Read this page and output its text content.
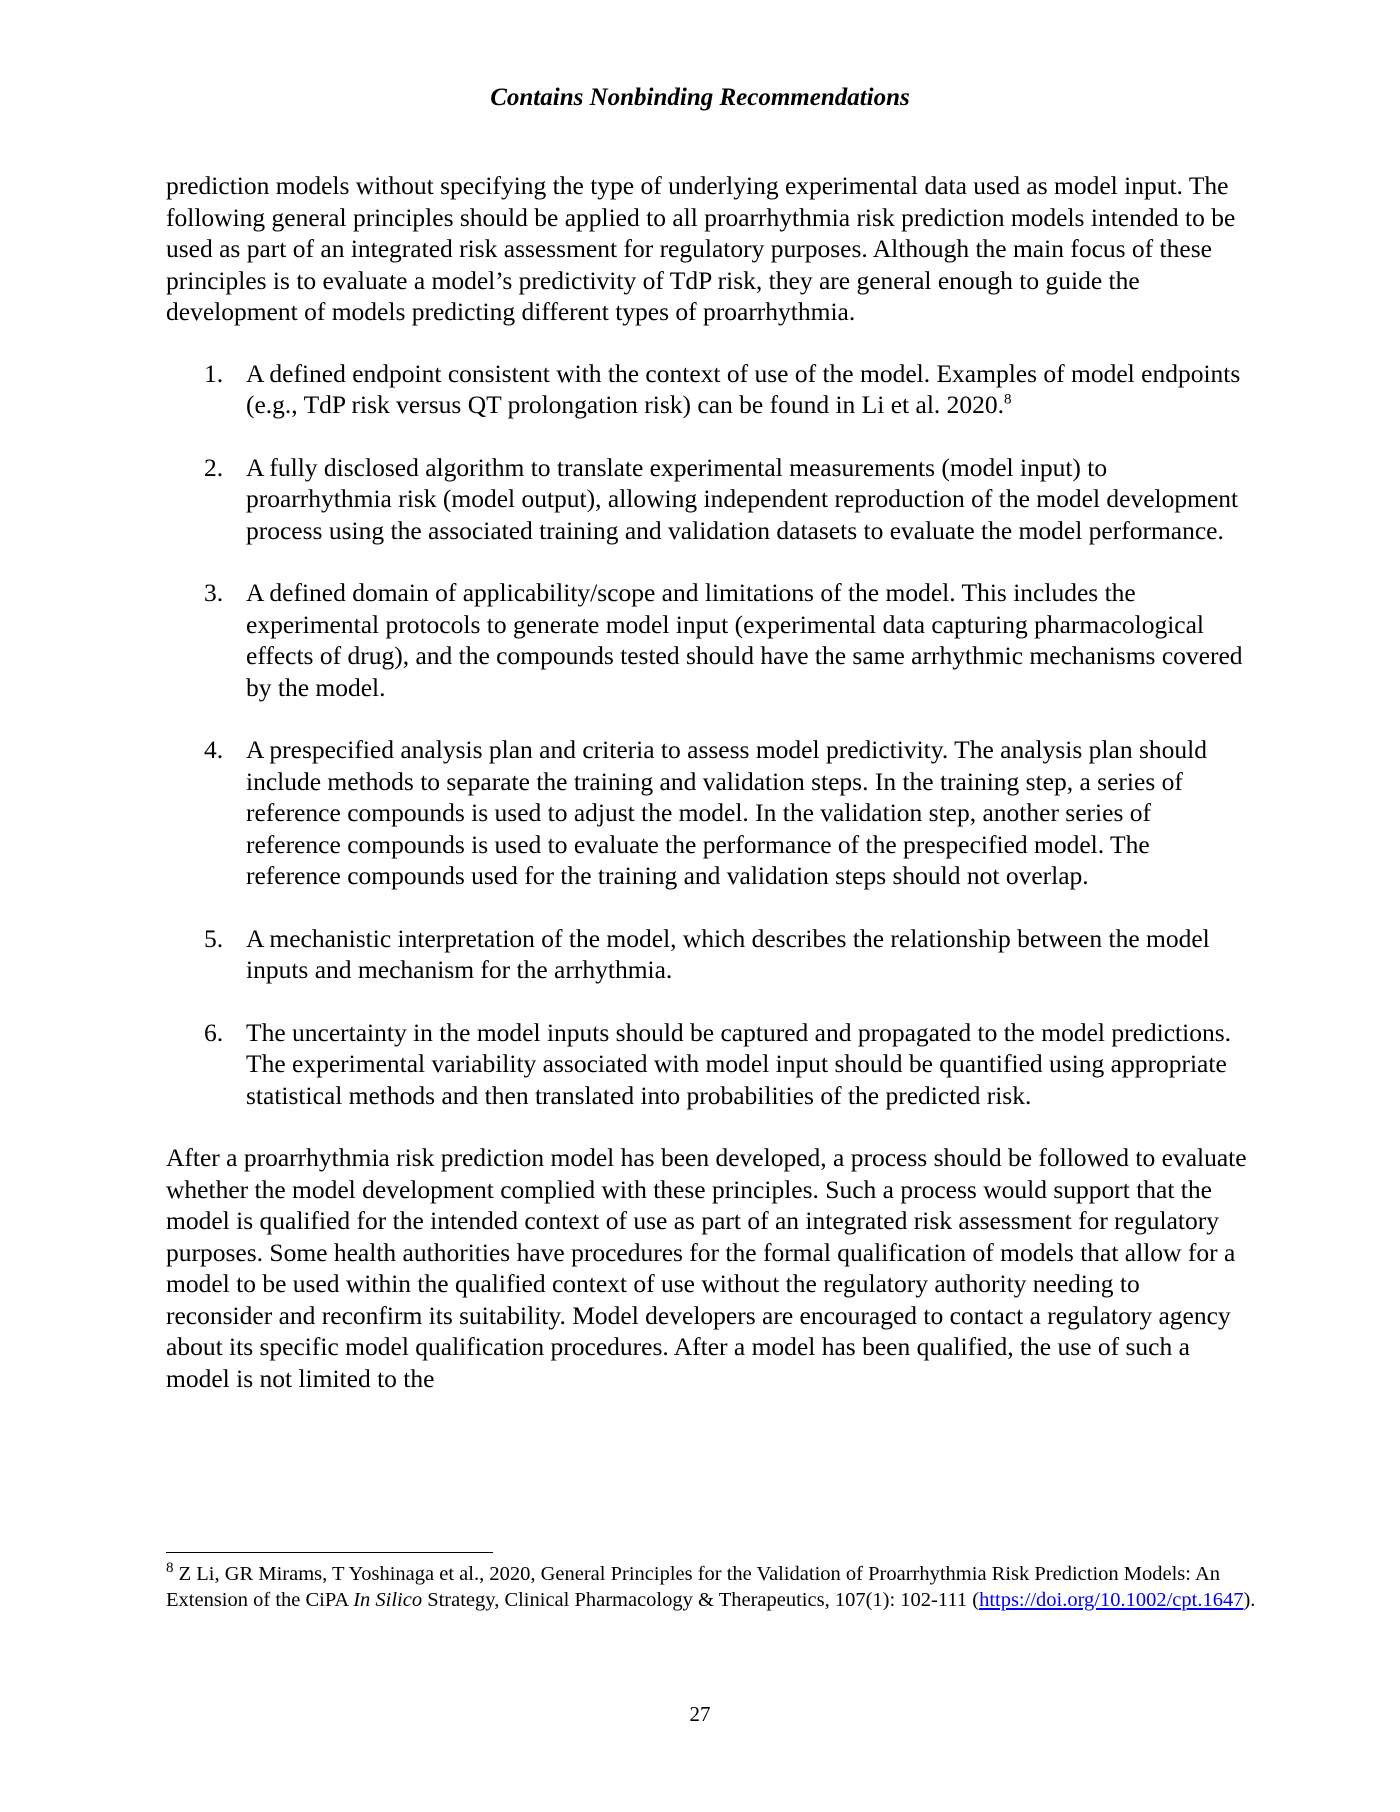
Contains Nonbinding Recommendations

prediction models without specifying the type of underlying experimental data used as model input. The following general principles should be applied to all proarrhythmia risk prediction models intended to be used as part of an integrated risk assessment for regulatory purposes. Although the main focus of these principles is to evaluate a model’s predictivity of TdP risk, they are general enough to guide the development of models predicting different types of proarrhythmia.

1. A defined endpoint consistent with the context of use of the model. Examples of model endpoints (e.g., TdP risk versus QT prolongation risk) can be found in Li et al. 2020.$^8$
2. A fully disclosed algorithm to translate experimental measurements (model input) to proarrhythmia risk (model output), allowing independent reproduction of the model development process using the associated training and validation datasets to evaluate the model performance.
3. A defined domain of applicability/scope and limitations of the model. This includes the experimental protocols to generate model input (experimental data capturing pharmacological effects of drug), and the compounds tested should have the same arrhythmic mechanisms covered by the model.
4. A prespecified analysis plan and criteria to assess model predictivity. The analysis plan should include methods to separate the training and validation steps. In the training step, a series of reference compounds is used to adjust the model. In the validation step, another series of reference compounds is used to evaluate the performance of the prespecified model. The reference compounds used for the training and validation steps should not overlap.
5. A mechanistic interpretation of the model, which describes the relationship between the model inputs and mechanism for the arrhythmia.
6. The uncertainty in the model inputs should be captured and propagated to the model predictions. The experimental variability associated with model input should be quantified using appropriate statistical methods and then translated into probabilities of the predicted risk.

After a proarrhythmia risk prediction model has been developed, a process should be followed to evaluate whether the model development complied with these principles. Such a process would support that the model is qualified for the intended context of use as part of an integrated risk assessment for regulatory purposes. Some health authorities have procedures for the formal qualification of models that allow for a model to be used within the qualified context of use without the regulatory authority needing to reconsider and reconfirm its suitability. Model developers are encouraged to contact a regulatory agency about its specific model qualification procedures. After a model has been qualified, the use of such a model is not limited to the

$^8$ Z Li, GR Mirams, T Yoshinaga et al., 2020, General Principles for the Validation of Proarrhythmia Risk Prediction Models: An Extension of the CiPA In Silico Strategy, Clinical Pharmacology & Therapeutics, 107(1): 102-111 (https://doi.org/10.1002/cpt.1647).
27
